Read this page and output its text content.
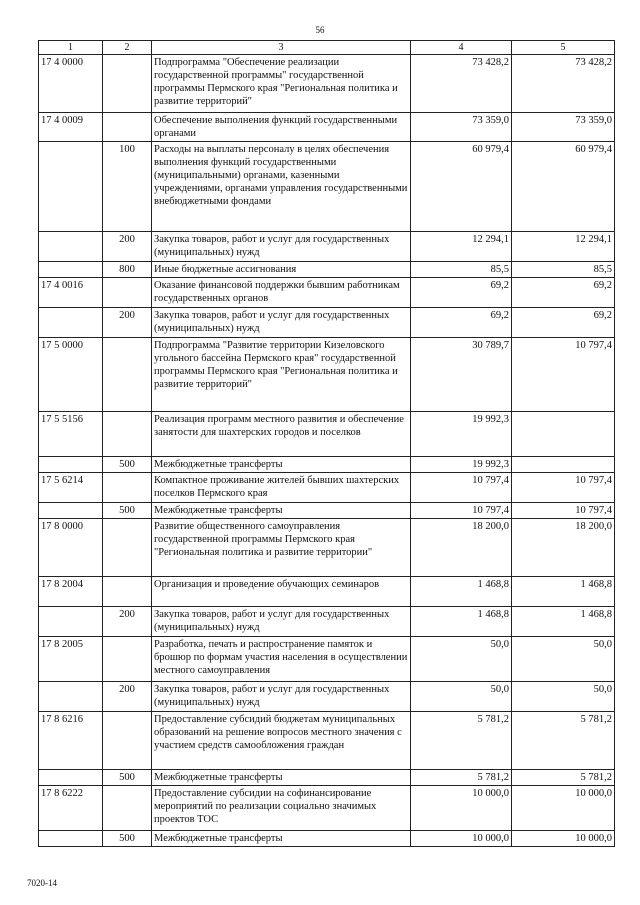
56
1	2	3	4	5
17 4 0000		Подпрограмма "Обеспечение реализации государственной программы" государственной программы Пермского края "Региональная политика и развитие территорий"	73 428,2	73 428,2
17 4 0009		Обеспечение выполнения функций государственными органами	73 359,0	73 359,0
	100	Расходы на выплаты персоналу в целях обеспечения выполнения функций государственными (муниципальными) органами, казенными учреждениями, органами управления государственными внебюджетными фондами	60 979,4	60 979,4
	200	Закупка товаров, работ и услуг для государственных (муниципальных) нужд	12 294,1	12 294,1
	800	Иные бюджетные ассигнования	85,5	85,5
17 4 0016		Оказание финансовой поддержки бывшим работникам государственных органов	69,2	69,2
	200	Закупка товаров, работ и услуг для государственных (муниципальных) нужд	69,2	69,2
17 5 0000		Подпрограмма "Развитие территории Кизеловского угольного бассейна Пермского края" государственной программы Пермского края "Региональная политика и развитие территорий"	30 789,7	10 797,4
17 5 5156		Реализация программ местного развития и обеспечение занятости для шахтерских городов и поселков	19 992,3	
	500	Межбюджетные трансферты	19 992,3	
17 5 6214		Компактное проживание жителей бывших шахтерских поселков Пермского края	10 797,4	10 797,4
	500	Межбюджетные трансферты	10 797,4	10 797,4
17 8 0000		Развитие общественного самоуправления государственной программы Пермского края "Региональная политика и развитие территории"	18 200,0	18 200,0
17 8 2004		Организация и проведение обучающих семинаров	1 468,8	1 468,8
	200	Закупка товаров, работ и услуг для государственных (муниципальных) нужд	1 468,8	1 468,8
17 8 2005		Разработка, печать и распространение памяток и брошюр по формам участия населения в осуществлении местного самоуправления	50,0	50,0
	200	Закупка товаров, работ и услуг для государственных (муниципальных) нужд	50,0	50,0
17 8 6216		Предоставление субсидий бюджетам муниципальных образований на решение вопросов местного значения с участием средств самообложения граждан	5 781,2	5 781,2
	500	Межбюджетные трансферты	5 781,2	5 781,2
17 8 6222		Предоставление субсидии на софинансирование мероприятий по реализации социально значимых проектов ТОС	10 000,0	10 000,0
	500	Межбюджетные трансферты	10 000,0	10 000,0
7020-14
